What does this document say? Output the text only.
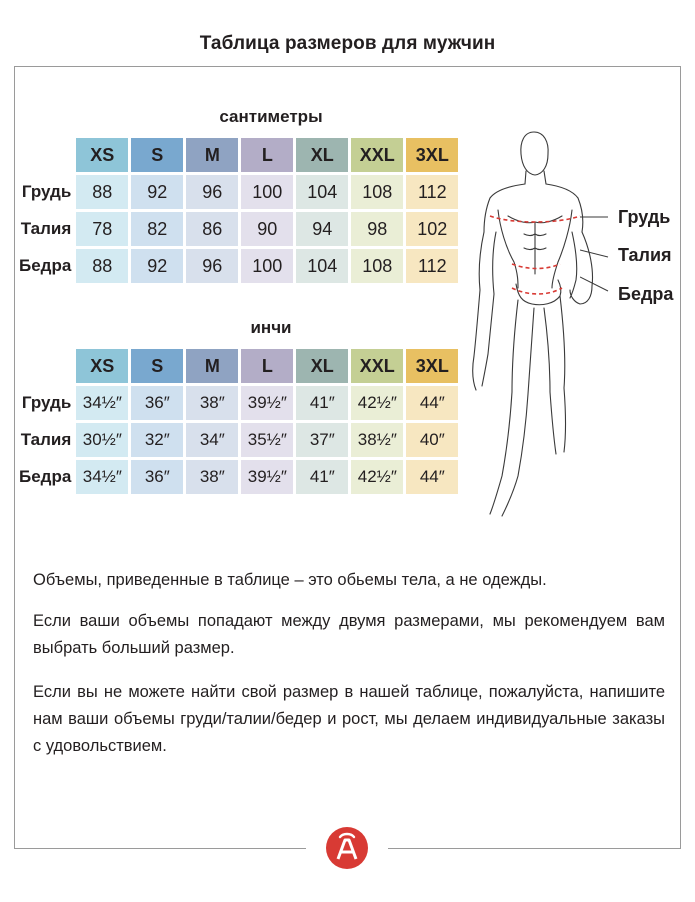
Таблица размеров для мужчин
сантиметры
	XS	S	M	L	XL	XXL	3XL
Грудь	88	92	96	100	104	108	112
Талия	78	82	86	90	94	98	102
Бедра	88	92	96	100	104	108	112
инчи
	XS	S	M	L	XL	XXL	3XL
Грудь	34½″	36″	38″	39½″	41″	42½″	44″
Талия	30½″	32″	34″	35½″	37″	38½″	40″
Бедра	34½″	36″	38″	39½″	41″	42½″	44″
Грудь
Талия
Бедра

Объемы, приведенные в таблице – это обьемы тела, а не одежды.

Если ваши объемы попадают между двумя размерами, мы рекомендуем вам выбрать больший размер.

Если вы не можете найти свой размер в нашей таблице, пожалуйста, напишите нам ваши объемы груди/талии/бедер и рост, мы делаем индивидуальные заказы с удовольствием.
